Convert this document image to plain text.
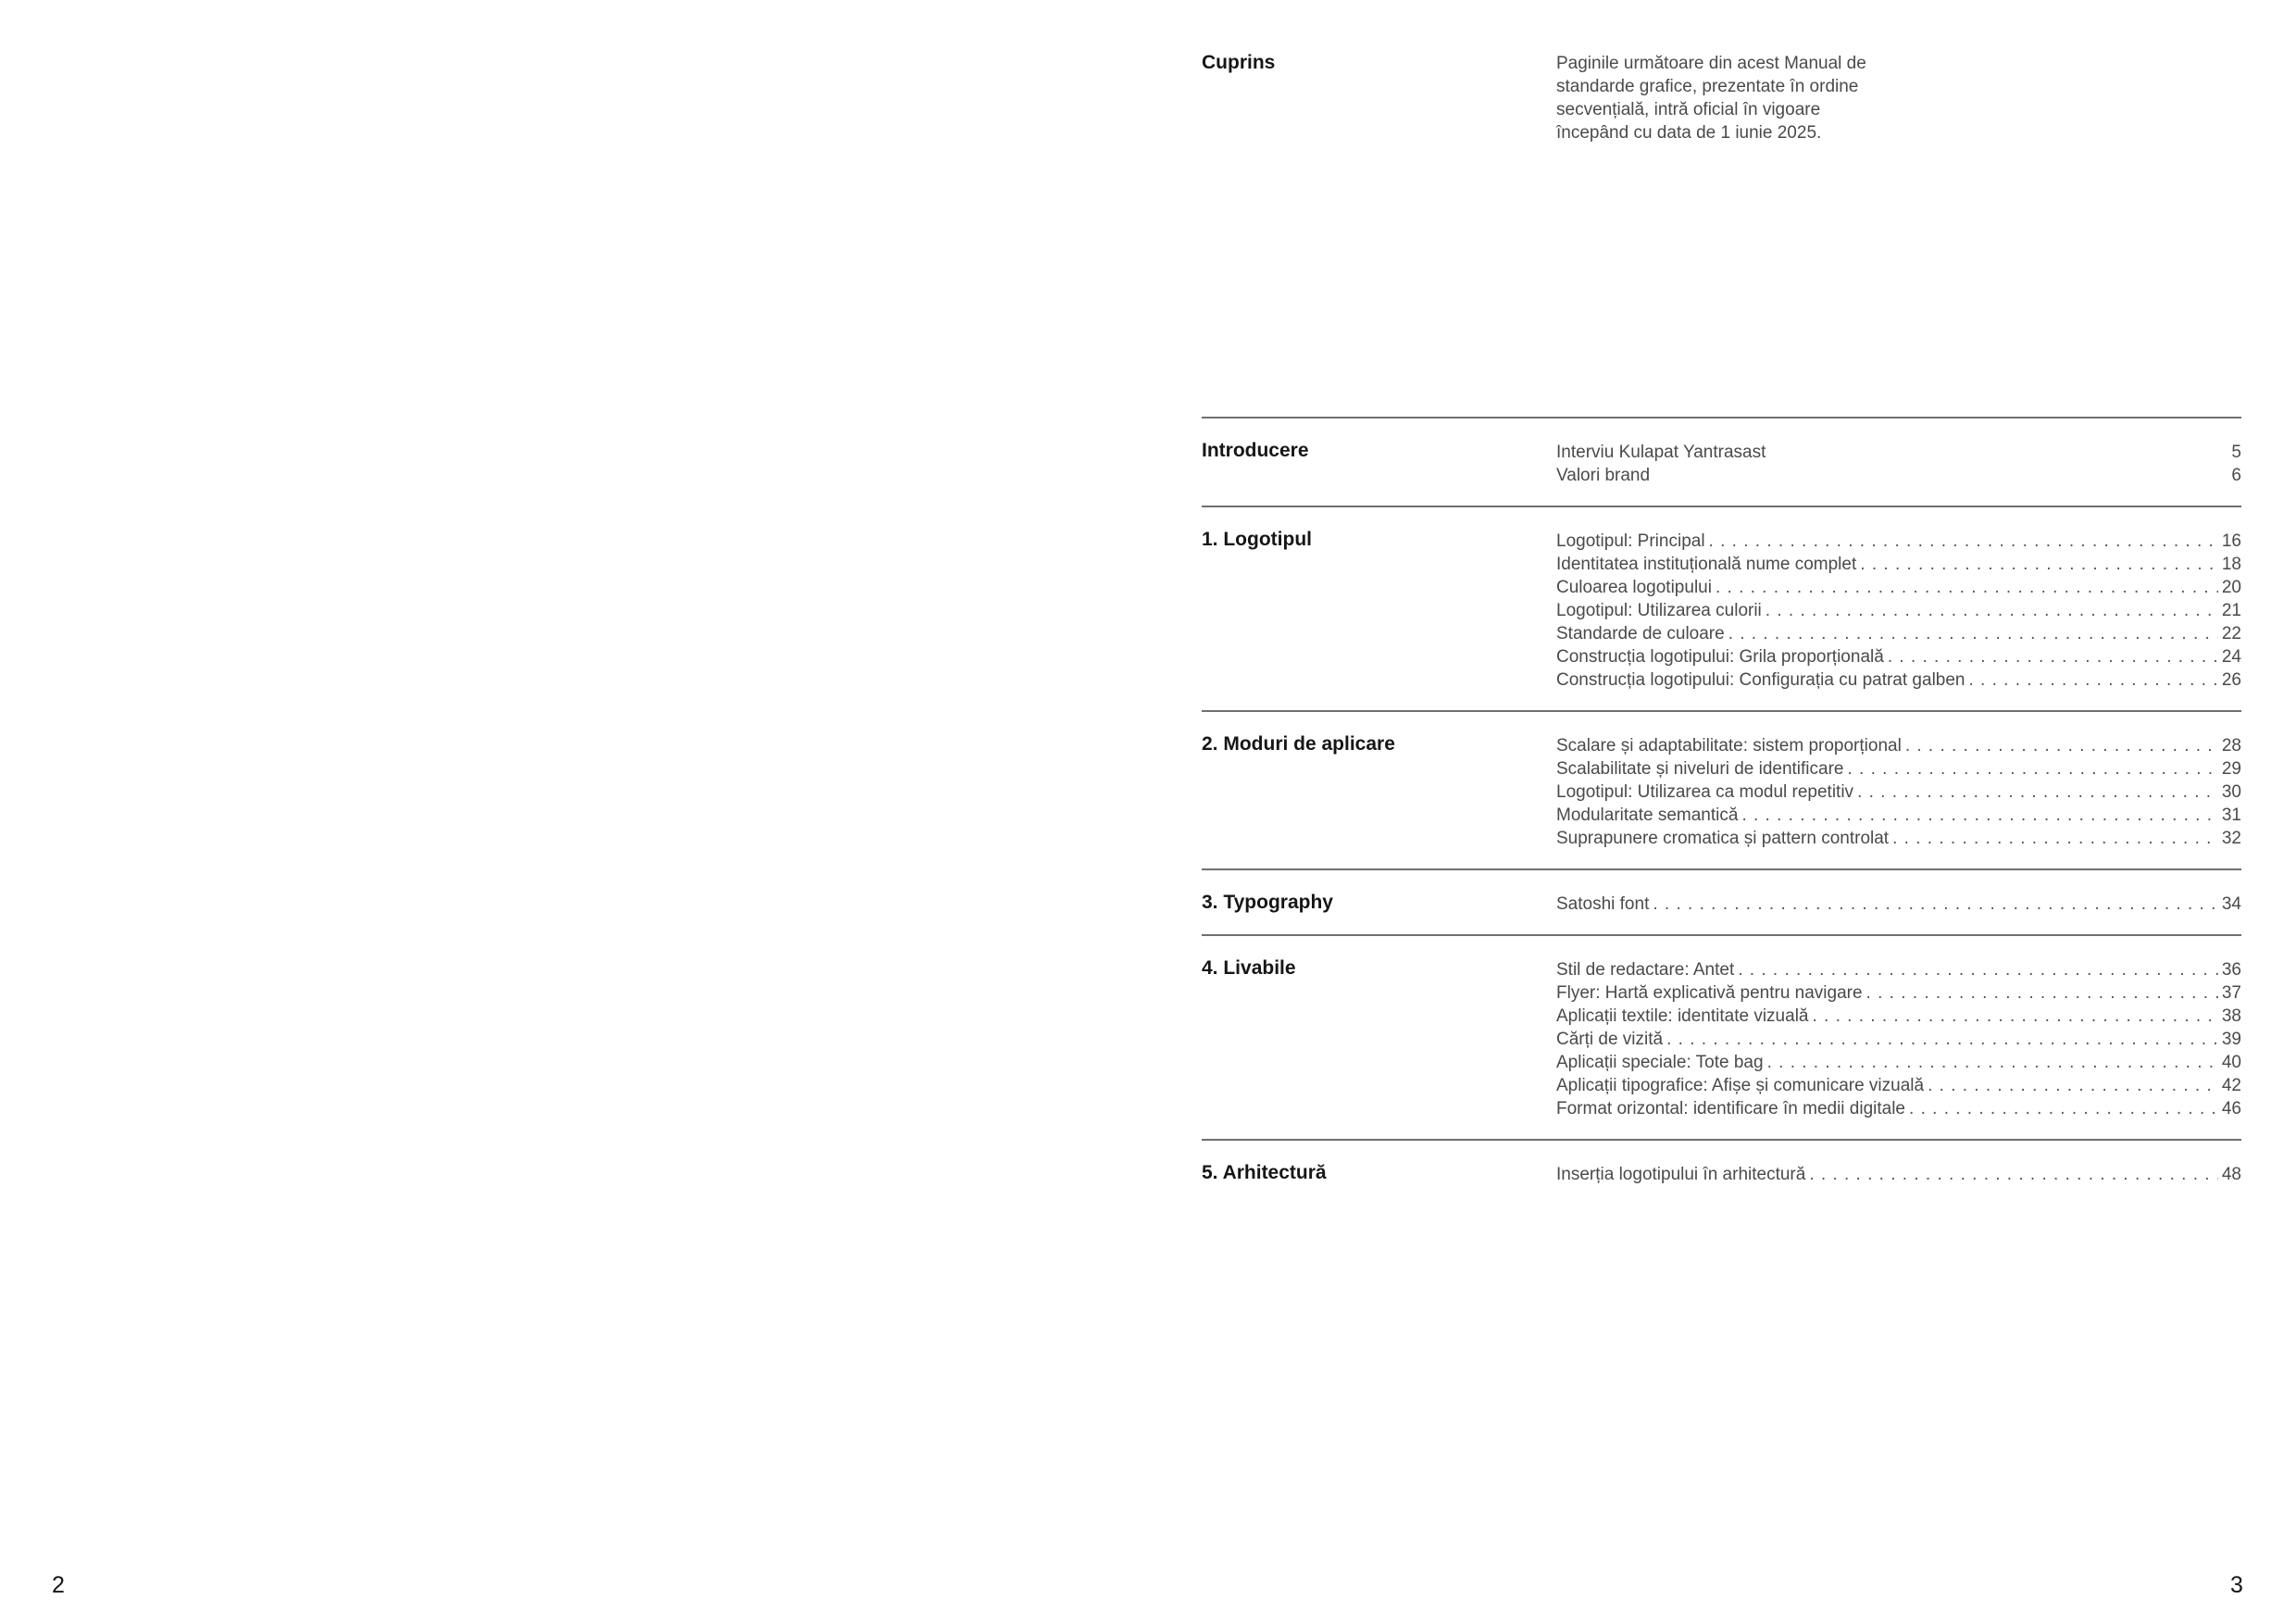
Cuprins	Paginile următoare din acest Manual de
standarde grafice, prezentate în ordine
secvențială, intră oficial în vigoare
începând cu data de 1 iunie 2025.
Introducere	Interviu Kulapat Yantrasast	5
Valori brand	6
1. Logotipul	Logotipul: Principal . . .	16
Identitatea instituțională nume complet . . .	18
Culoarea logotipului . . .	20
Logotipul: Utilizarea culorii . . .	21
Standarde de culoare . . .	22
Construcția logotipului: Grila proporțională . . .	24
Construcția logotipului: Configurația cu patrat galben . . .	26
2. Moduri de aplicare	Scalare și adaptabilitate: sistem proporțional . . .	28
Scalabilitate și niveluri de identificare . . .	29
Logotipul: Utilizarea ca modul repetitiv . . .	30
Modularitate semantică . . .	31
Suprapunere cromatica și pattern controlat . . .	32
3. Typography	Satoshi font . . .	34
4. Livabile	Stil de redactare: Antet . . .	36
Flyer: Hartă explicativă pentru navigare . . .	37
Aplicații textile: identitate vizuală . . .	38
Cărți de vizită . . .	39
Aplicații speciale: Tote bag . . .	40
Aplicații tipografice: Afișe și comunicare vizuală . . .	42
Format orizontal: identificare în medii digitale . . .	46
5. Arhitectură	Inserția logotipului în arhitectură . . .	48
2	3
